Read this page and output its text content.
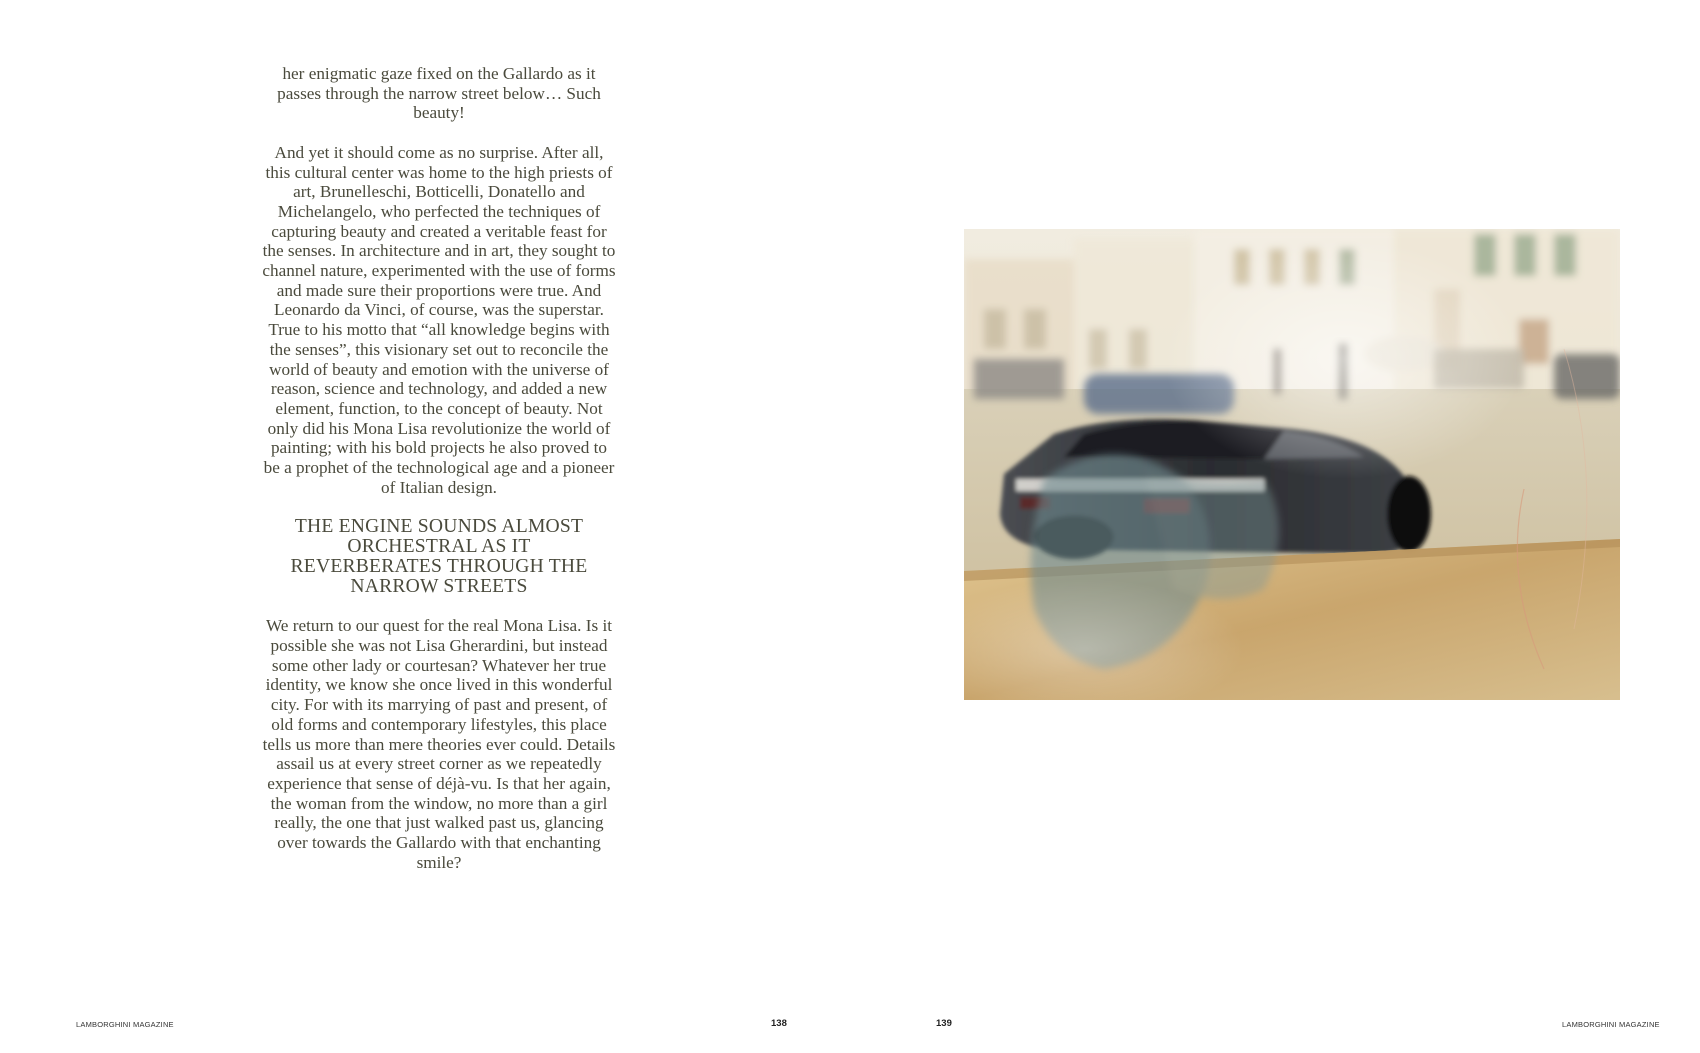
her enigmatic gaze fixed on the Gallardo as it passes through the narrow street below… Such beauty!

And yet it should come as no surprise. After all, this cultural center was home to the high priests of art, Brunelleschi, Botticelli, Donatello and Michelangelo, who perfected the techniques of capturing beauty and created a veritable feast for the senses. In architecture and in art, they sought to channel nature, experimented with the use of forms and made sure their proportions were true. And Leonardo da Vinci, of course, was the superstar. True to his motto that “all knowledge begins with the senses”, this visionary set out to reconcile the world of beauty and emotion with the universe of reason, science and technology, and added a new element, function, to the concept of beauty. Not only did his Mona Lisa revolutionize the world of painting; with his bold projects he also proved to be a prophet of the technological age and a pioneer of Italian design.

THE ENGINE SOUNDS ALMOST ORCHESTRAL AS IT REVERBERATES THROUGH THE NARROW STREETS

We return to our quest for the real Mona Lisa. Is it possible she was not Lisa Gherardini, but instead some other lady or courtesan? Whatever her true identity, we know she once lived in this wonderful city. For with its marrying of past and present, of old forms and contemporary lifestyles, this place tells us more than mere theories ever could. Details assail us at every street corner as we repeatedly experience that sense of déjà-vu. Is that her again, the woman from the window, no more than a girl really, the one that just walked past us, glancing over towards the Gallardo with that enchanting smile?

LAMBORGHINI MAGAZINE	138	139	LAMBORGHINI MAGAZINE
